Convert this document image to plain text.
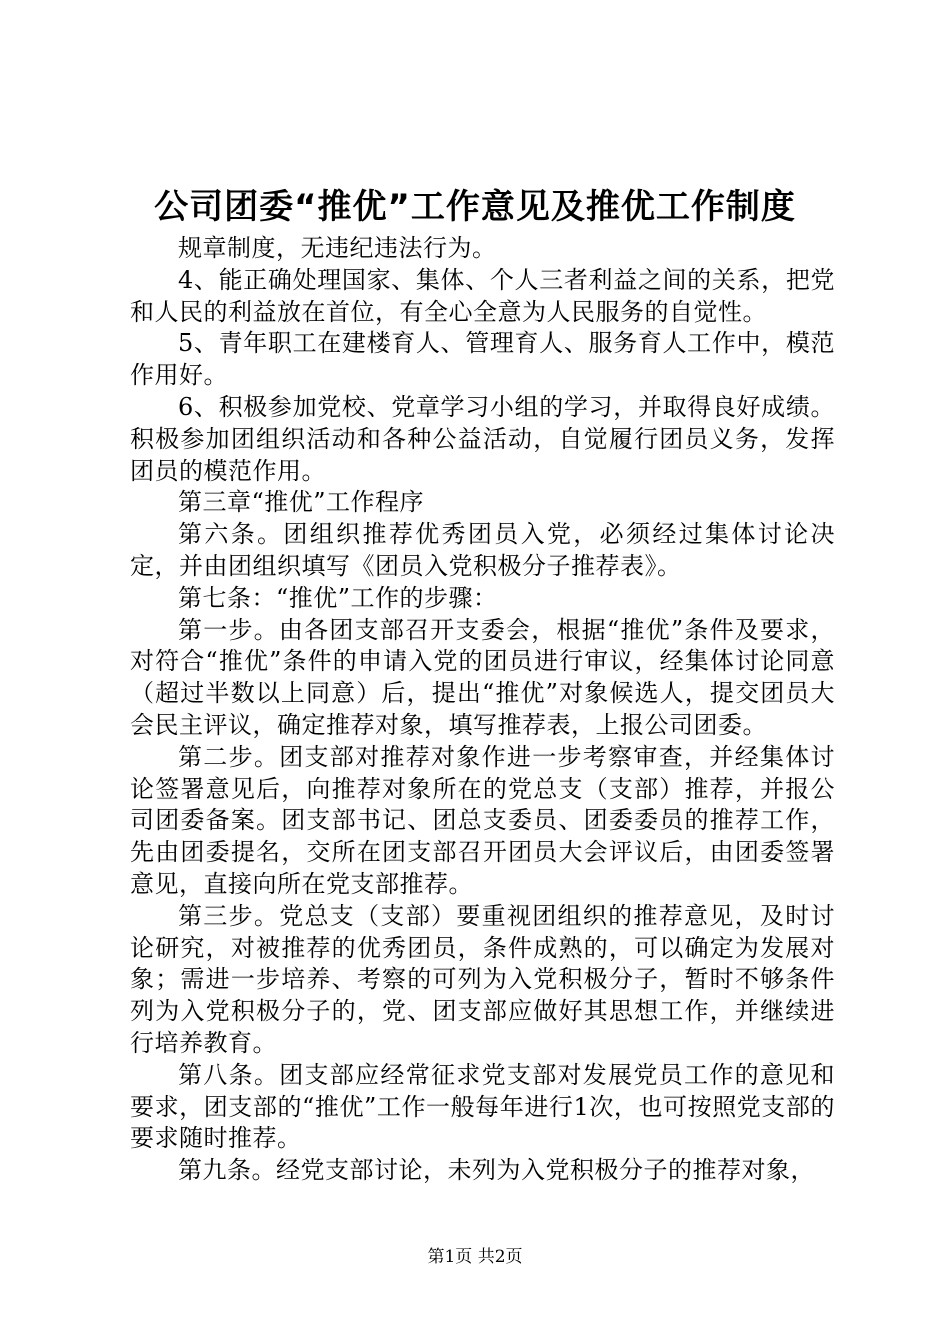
公司团委“推优”工作意见及推优工作制度

规章制度，无违纪违法行为。

4、能正确处理国家、集体、个人三者利益之间的关系，把党和人民的利益放在首位，有全心全意为人民服务的自觉性。

5、青年职工在建楼育人、管理育人、服务育人工作中，模范作用好。

6、积极参加党校、党章学习小组的学习，并取得良好成绩。积极参加团组织活动和各种公益活动，自觉履行团员义务，发挥团员的模范作用。

第三章“推优”工作程序

第六条。团组织推荐优秀团员入党，必须经过集体讨论决定，并由团组织填写《团员入党积极分子推荐表》。

第七条：“推优”工作的步骤：

第一步。由各团支部召开支委会，根据“推优”条件及要求，对符合“推优”条件的申请入党的团员进行审议，经集体讨论同意（超过半数以上同意）后，提出“推优”对象候选人，提交团员大会民主评议，确定推荐对象，填写推荐表，上报公司团委。

第二步。团支部对推荐对象作进一步考察审查，并经集体讨论签署意见后，向推荐对象所在的党总支（支部）推荐，并报公司团委备案。团支部书记、团总支委员、团委委员的推荐工作，先由团委提名，交所在团支部召开团员大会评议后，由团委签署意见，直接向所在党支部推荐。

第三步。党总支（支部）要重视团组织的推荐意见，及时讨论研究，对被推荐的优秀团员，条件成熟的，可以确定为发展对象；需进一步培养、考察的可列为入党积极分子，暂时不够条件列为入党积极分子的，党、团支部应做好其思想工作，并继续进行培养教育。

第八条。团支部应经常征求党支部对发展党员工作的意见和要求，团支部的“推优”工作一般每年进行1次，也可按照党支部的要求随时推荐。

第九条。经党支部讨论，未列为入党积极分子的推荐对象，

第1页 共2页
